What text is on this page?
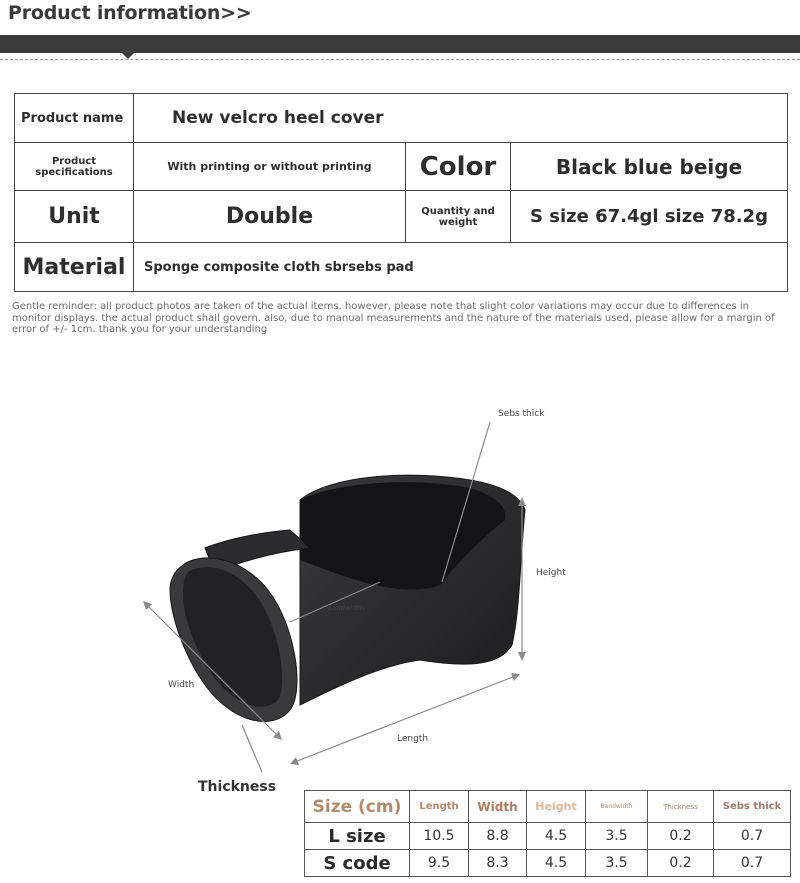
Product information>>
Product name	New velcro heel cover		
Product specifications	With printing or without printing	Color	Black blue beige
Unit	Double	Quantity and weight	S size 67.4gl size 78.2g
Material	Sponge composite cloth sbrsebs pad		
Gentle reminder: all product photos are taken of the actual items. however, please note that slight color variations may occur due to differences in monitor displays. the actual product shall govern. also, due to manual measurements and the nature of the materials used, please allow for a margin of error of +/- 1cm. thank you for your understanding
Sebs thick
Height
Bandwidth
Width
Length
Thickness
Size (cm)	Length	Width	Height	Bandwidth	Thickness	Sebs thick
L size	10.5	8.8	4.5	3.5	0.2	0.7
S code	9.5	8.3	4.5	3.5	0.2	0.7
